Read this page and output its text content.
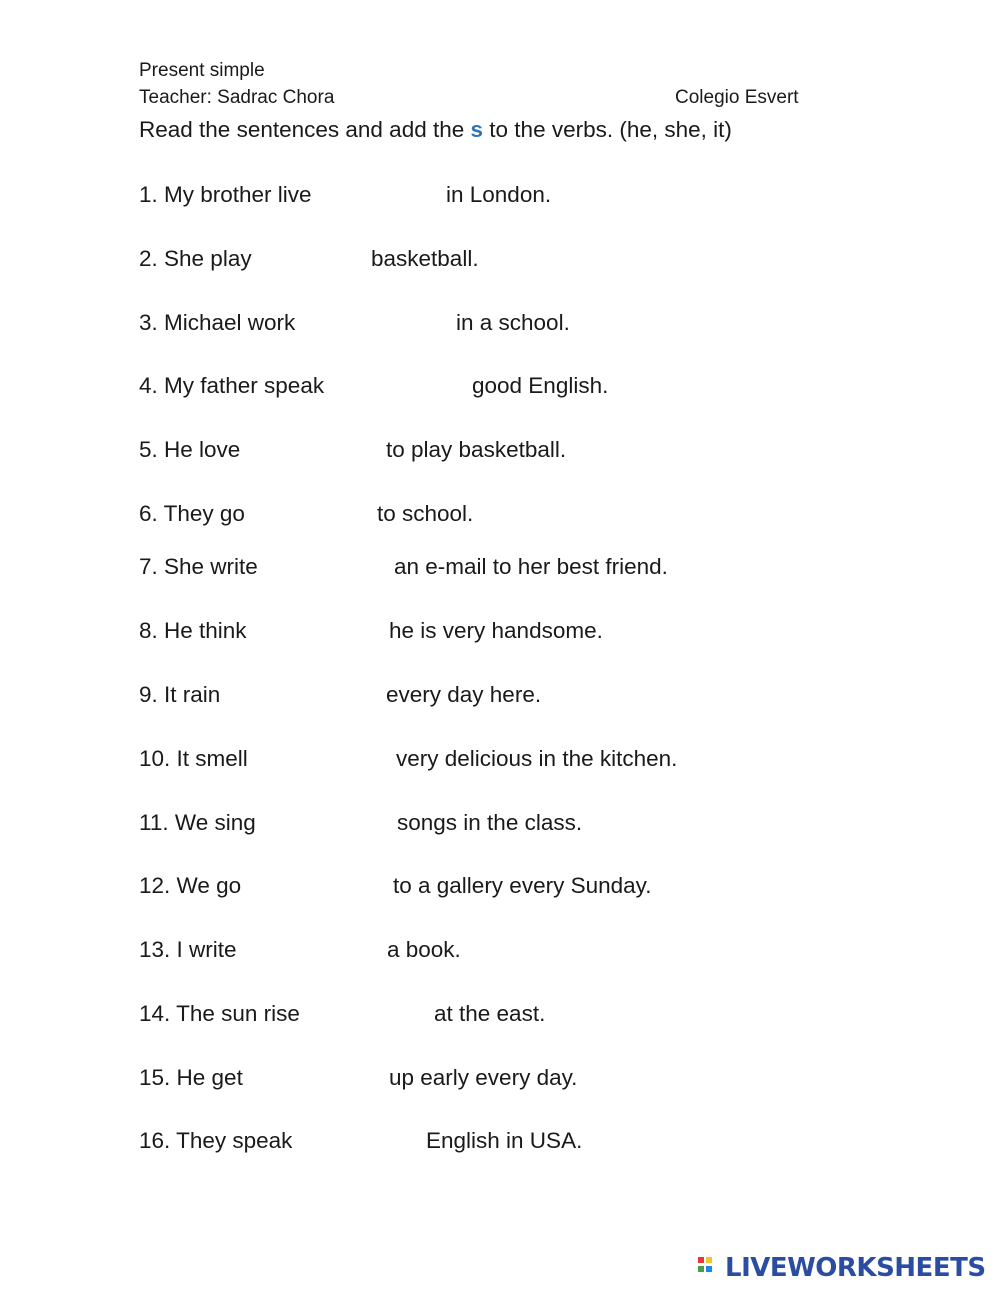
Present simple
Teacher: Sadrac Chora	Colegio Esvert
Read the sentences and add the s to the verbs. (he, she, it)
1. My brother live	in London.
2. She play	basketball.
3. Michael work	in a school.
4. My father speak	good English.
5. He love	to play basketball.
6. They go	to school.
7. She write	an e-mail to her best friend.
8. He think	he is very handsome.
9. It rain	every day here.
10. It smell	very delicious in the kitchen.
11. We sing	songs in the class.
12. We go	to a gallery every Sunday.
13. I write	a book.
14. The sun rise	at the east.
15. He get	up early every day.
16. They speak	English in USA.
LIVEWORKSHEETS
